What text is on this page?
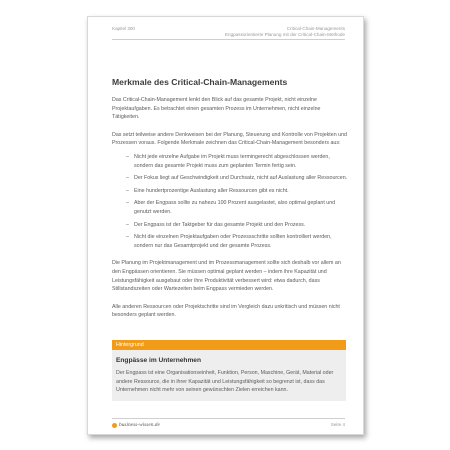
Kapitel 300	Critical-Chain-Managements
Engpassorientierte Planung mit der Critical-Chain-Methode
Merkmale des Critical-Chain-Managements

Das Critical-Chain-Management lenkt den Blick auf das gesamte Projekt, nicht einzelne Projektaufgaben. Es betrachtet einen gesamten Prozess im Unternehmen, nicht einzelne Tätigkeiten.

Das setzt teilweise andere Denkweisen bei der Planung, Steuerung und Kontrolle von Projekten und Prozessen voraus. Folgende Merkmale zeichnen das Critical-Chain-Management besonders aus:

– Nicht jede einzelne Aufgabe im Projekt muss termingerecht abgeschlossen werden, sondern das gesamte Projekt muss zum geplanten Termin fertig sein.
– Der Fokus liegt auf Geschwindigkeit und Durchsatz, nicht auf Auslastung aller Ressourcen.
– Eine hundertprozentige Auslastung aller Ressourcen gibt es nicht.
– Aber der Engpass sollte zu nahezu 100 Prozent ausgelastet, also optimal geplant und genutzt werden.
– Der Engpass ist der Taktgeber für das gesamte Projekt und den Prozess.
– Nicht die einzelnen Projektaufgaben oder Prozessschritte sollten kontrolliert werden, sondern nur das Gesamtprojekt und der gesamte Prozess.

Die Planung im Projektmanagement und im Prozessmanagement sollte sich deshalb vor allem an den Engpässen orientieren. Sie müssen optimal geplant werden – indem ihre Kapazität und Leistungsfähigkeit ausgebaut oder ihre Produktivität verbessert wird: etwa dadurch, dass Stillstandszeiten oder Wartezeiten beim Engpass vermieden werden.

Alle anderen Ressourcen oder Projektschritte sind im Vergleich dazu unkritisch und müssen nicht besonders geplant werden.

Hintergrund
Engpässe im Unternehmen
Der Engpass ist eine Organisationseinheit, Funktion, Person, Maschine, Gerät, Material oder andere Ressource, die in ihrer Kapazität und Leistungsfähigkeit so begrenzt ist, dass das Unternehmen nicht mehr von seinen gewünschten Zielen erreichen kann.
business-wissen.de	Seite 4
